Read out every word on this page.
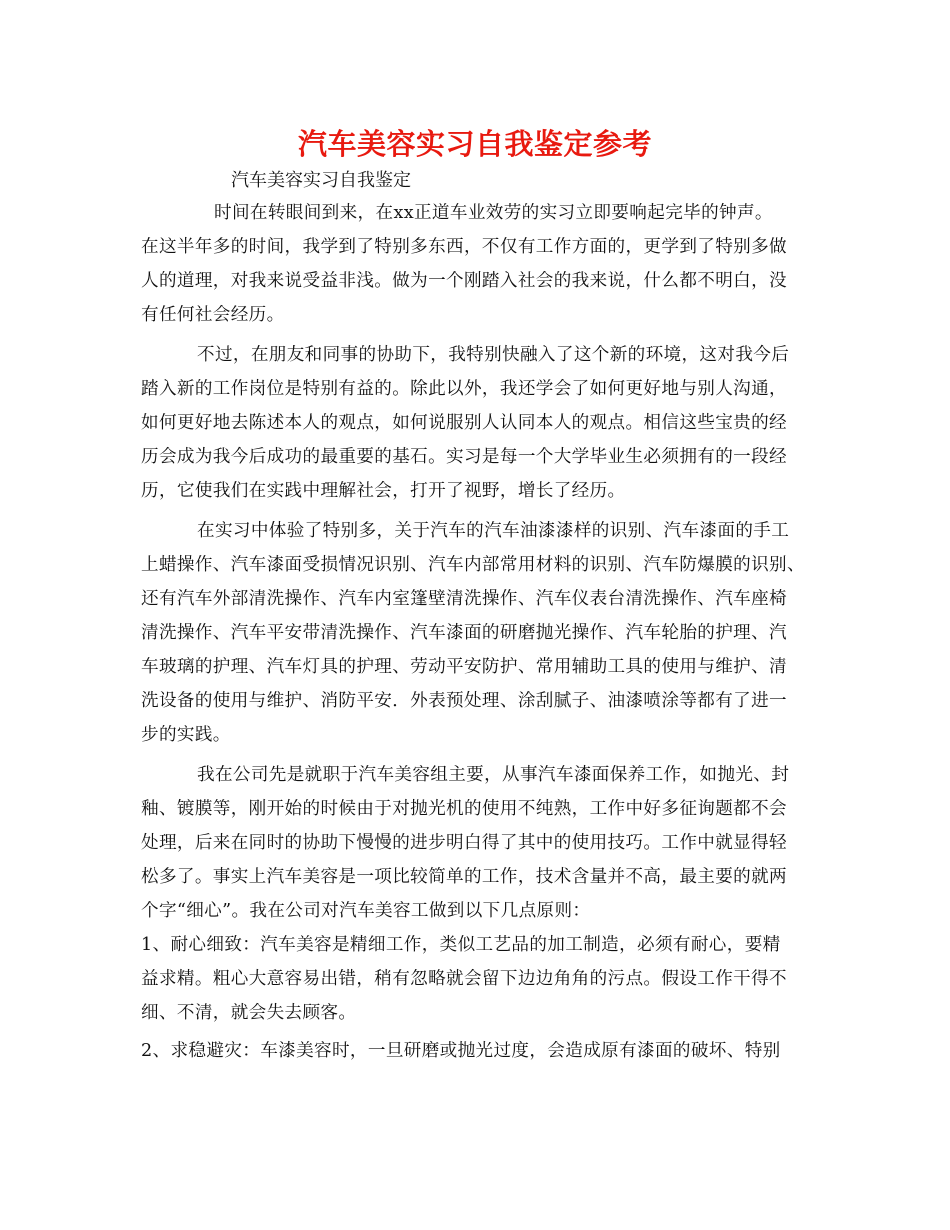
汽车美容实习自我鉴定参考
汽车美容实习自我鉴定
时间在转眼间到来，在xx正道车业效劳的实习立即要响起完毕的钟声。
在这半年多的时间，我学到了特别多东西，不仅有工作方面的，更学到了特别多做
人的道理，对我来说受益非浅。做为一个刚踏入社会的我来说，什么都不明白，没
有任何社会经历。
不过，在朋友和同事的协助下，我特别快融入了这个新的环境，这对我今后
踏入新的工作岗位是特别有益的。除此以外，我还学会了如何更好地与别人沟通，
如何更好地去陈述本人的观点，如何说服别人认同本人的观点。相信这些宝贵的经
历会成为我今后成功的最重要的基石。实习是每一个大学毕业生必须拥有的一段经
历，它使我们在实践中理解社会，打开了视野，增长了经历。
在实习中体验了特别多，关于汽车的汽车油漆漆样的识别、汽车漆面的手工
上蜡操作、汽车漆面受损情况识别、汽车内部常用材料的识别、汽车防爆膜的识别、
还有汽车外部清洗操作、汽车内室篷壁清洗操作、汽车仪表台清洗操作、汽车座椅
清洗操作、汽车平安带清洗操作、汽车漆面的研磨抛光操作、汽车轮胎的护理、汽
车玻璃的护理、汽车灯具的护理、劳动平安防护、常用辅助工具的使用与维护、清
洗设备的使用与维护、消防平安．外表预处理、涂刮腻子、油漆喷涂等都有了进一
步的实践。
我在公司先是就职于汽车美容组主要，从事汽车漆面保养工作，如抛光、封
釉、镀膜等，刚开始的时候由于对抛光机的使用不纯熟，工作中好多征询题都不会
处理，后来在同时的协助下慢慢的进步明白得了其中的使用技巧。工作中就显得轻
松多了。事实上汽车美容是一项比较简单的工作，技术含量并不高，最主要的就两
个字“细心”。我在公司对汽车美容工做到以下几点原则：
1、耐心细致：汽车美容是精细工作，类似工艺品的加工制造，必须有耐心，要精
益求精。粗心大意容易出错，稍有忽略就会留下边边角角的污点。假设工作干得不
细、不清，就会失去顾客。
2、求稳避灾：车漆美容时，一旦研磨或抛光过度，会造成原有漆面的破坏、特别
